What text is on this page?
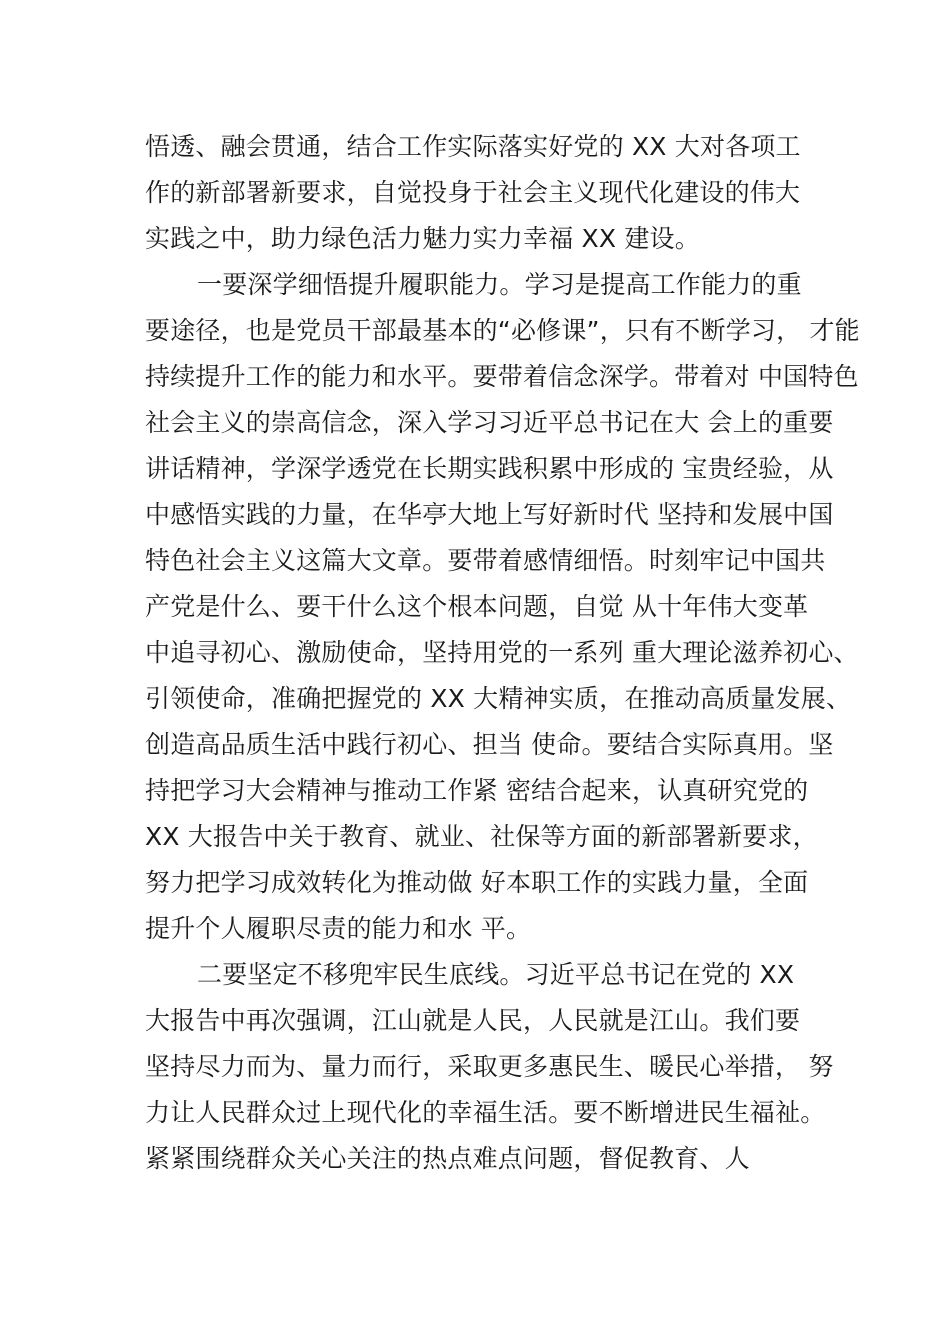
悟透、融会贯通，结合工作实际落实好党的 XX 大对各项工
作的新部署新要求，自觉投身于社会主义现代化建设的伟大
实践之中，助力绿色活力魅力实力幸福 XX 建设。
一要深学细悟提升履职能力。学习是提高工作能力的重
要途径，也是党员干部最基本的“必修课”，只有不断学习， 才能
持续提升工作的能力和水平。要带着信念深学。带着对 中国特色
社会主义的崇高信念，深入学习习近平总书记在大 会上的重要
讲话精神，学深学透党在长期实践积累中形成的 宝贵经验，从
中感悟实践的力量，在华亭大地上写好新时代 坚持和发展中国
特色社会主义这篇大文章。要带着感情细悟。时刻牢记中国共
产党是什么、要干什么这个根本问题，自觉 从十年伟大变革
中追寻初心、激励使命，坚持用党的一系列 重大理论滋养初心、
引领使命，准确把握党的 XX 大精神实质，在推动高质量发展、
创造高品质生活中践行初心、担当 使命。要结合实际真用。坚
持把学习大会精神与推动工作紧 密结合起来，认真研究党的
XX 大报告中关于教育、就业、社保等方面的新部署新要求，
努力把学习成效转化为推动做 好本职工作的实践力量，全面
提升个人履职尽责的能力和水 平。
二要坚定不移兜牢民生底线。习近平总书记在党的 XX
大报告中再次强调，江山就是人民，人民就是江山。我们要
坚持尽力而为、量力而行，采取更多惠民生、暖民心举措， 努
力让人民群众过上现代化的幸福生活。要不断增进民生福祉。
紧紧围绕群众关心关注的热点难点问题，督促教育、人
